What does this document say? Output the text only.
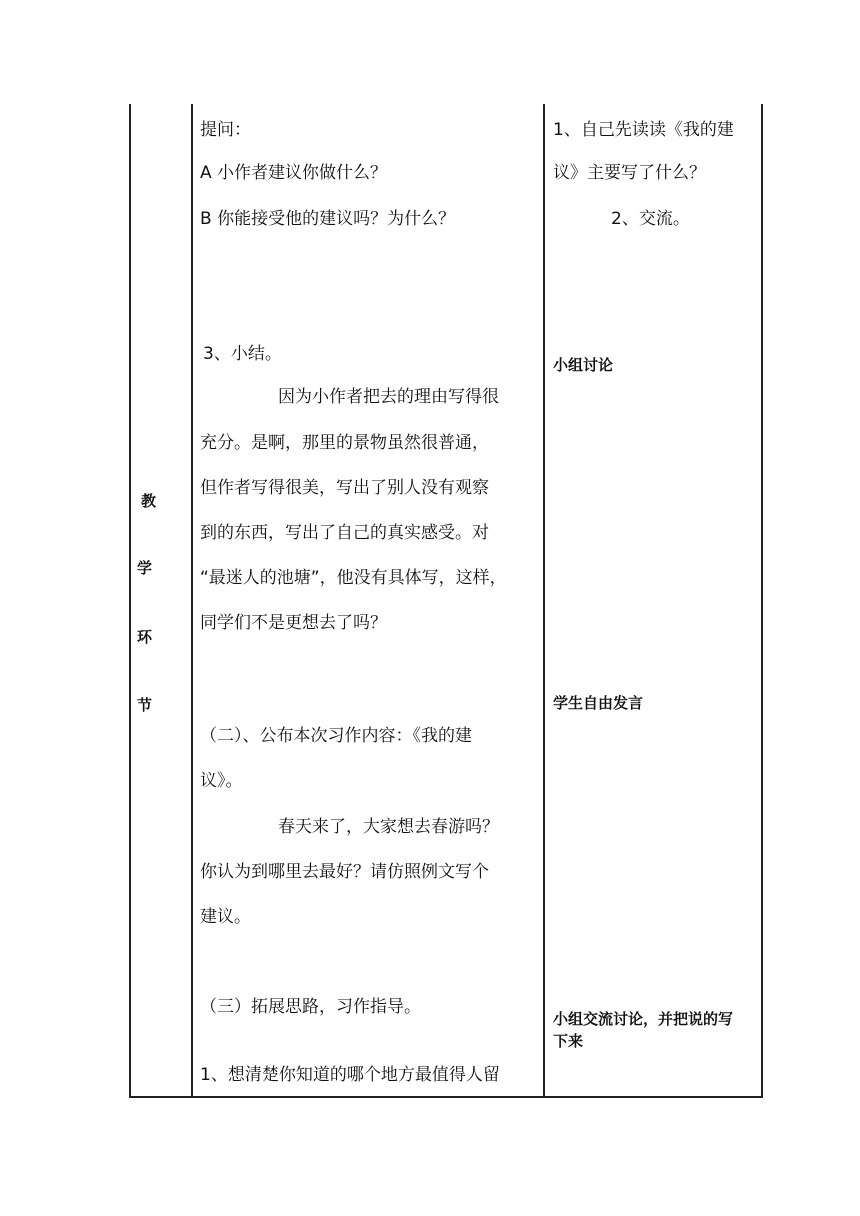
教
学
环
节
提问：
A 小作者建议你做什么？
B 你能接受他的建议吗？为什么？
3、小结。
因为小作者把去的理由写得很
充分。是啊，那里的景物虽然很普通，
但作者写得很美，写出了别人没有观察
到的东西，写出了自己的真实感受。对
“最迷人的池塘”，他没有具体写，这样，
同学们不是更想去了吗？
（二）、公布本次习作内容：《我的建
议》。
春天来了，大家想去春游吗？
你认为到哪里去最好？请仿照例文写个
建议。
（三）拓展思路，习作指导。
1、想清楚你知道的哪个地方最值得人留
1、自己先读读《我的建
议》主要写了什么？
2、交流。
小组讨论
学生自由发言
小组交流讨论，并把说的写
下来
